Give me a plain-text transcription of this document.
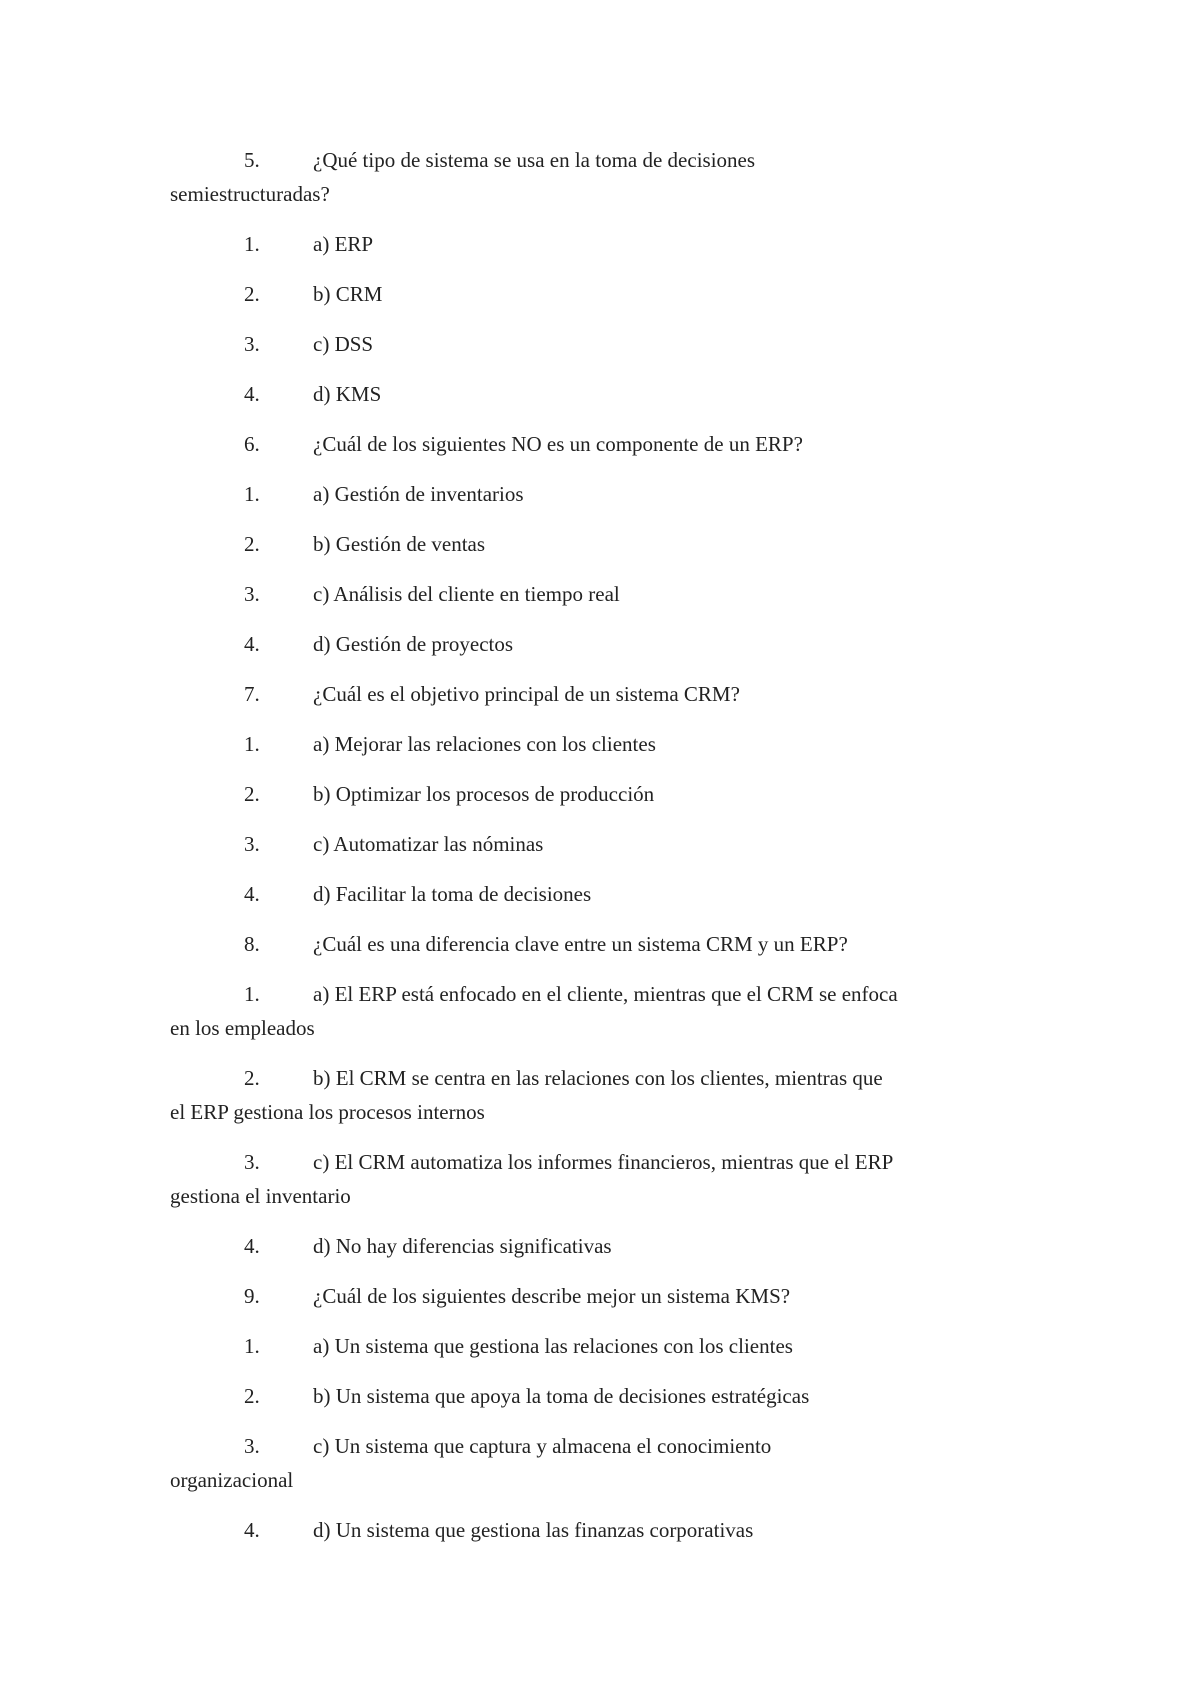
5.	¿Qué tipo de sistema se usa en la toma de decisiones
semiestructuradas?
1.	a) ERP
2.	b) CRM
3.	c) DSS
4.	d) KMS
6.	¿Cuál de los siguientes NO es un componente de un ERP?
1.	a) Gestión de inventarios
2.	b) Gestión de ventas
3.	c) Análisis del cliente en tiempo real
4.	d) Gestión de proyectos
7.	¿Cuál es el objetivo principal de un sistema CRM?
1.	a) Mejorar las relaciones con los clientes
2.	b) Optimizar los procesos de producción
3.	c) Automatizar las nóminas
4.	d) Facilitar la toma de decisiones
8.	¿Cuál es una diferencia clave entre un sistema CRM y un ERP?
1.	a) El ERP está enfocado en el cliente, mientras que el CRM se enfoca
en los empleados
2.	b) El CRM se centra en las relaciones con los clientes, mientras que
el ERP gestiona los procesos internos
3.	c) El CRM automatiza los informes financieros, mientras que el ERP
gestiona el inventario
4.	d) No hay diferencias significativas
9.	¿Cuál de los siguientes describe mejor un sistema KMS?
1.	a) Un sistema que gestiona las relaciones con los clientes
2.	b) Un sistema que apoya la toma de decisiones estratégicas
3.	c) Un sistema que captura y almacena el conocimiento
organizacional
4.	d) Un sistema que gestiona las finanzas corporativas
